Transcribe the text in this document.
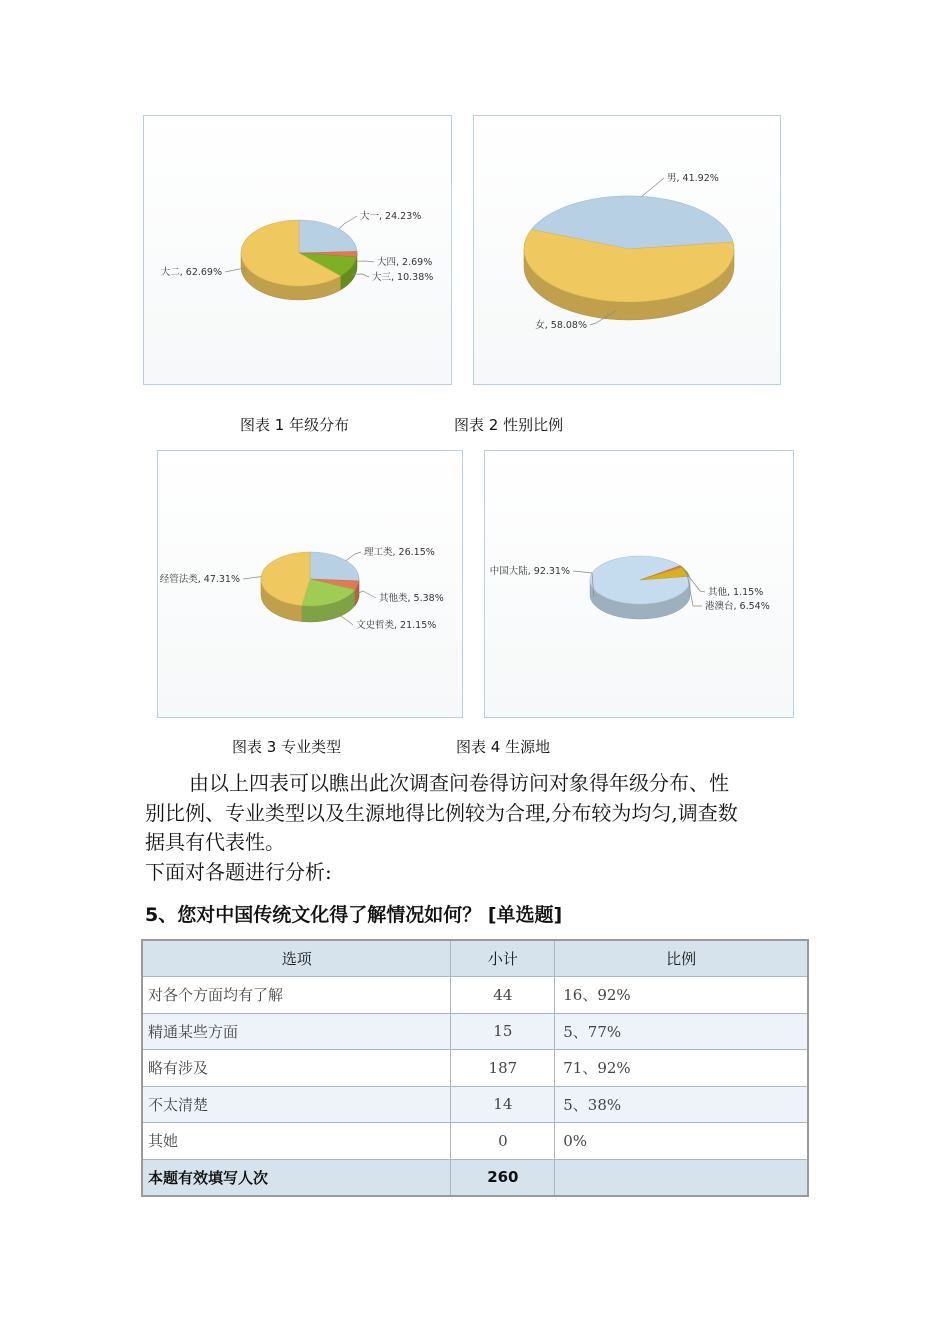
大一, 24.23%
大四, 2.69%
大三, 10.38%
大二, 62.69%
男, 41.92%
女, 58.08%
图表 1 年级分布	图表 2 性别比例
理工类, 26.15%
其他类, 5.38%
文史哲类, 21.15%
经管法类, 47.31%
中国大陆, 92.31%
其他, 1.15%
港澳台, 6.54%
图表 3 专业类型	图表 4 生源地

由以上四表可以瞧出此次调查问卷得访问对象得年级分布、性

别比例、专业类型以及生源地得比例较为合理,分布较为均匀,调查数

据具有代表性。

下面对各题进行分析:

5、您对中国传统文化得了解情况如何？ [单选题]
选项	小计	比例
对各个方面均有了解	44	16、92%
精通某些方面	15	5、77%
略有涉及	187	71、92%
不太清楚	14	5、38%
其她	0	0%
本题有效填写人次	260	
